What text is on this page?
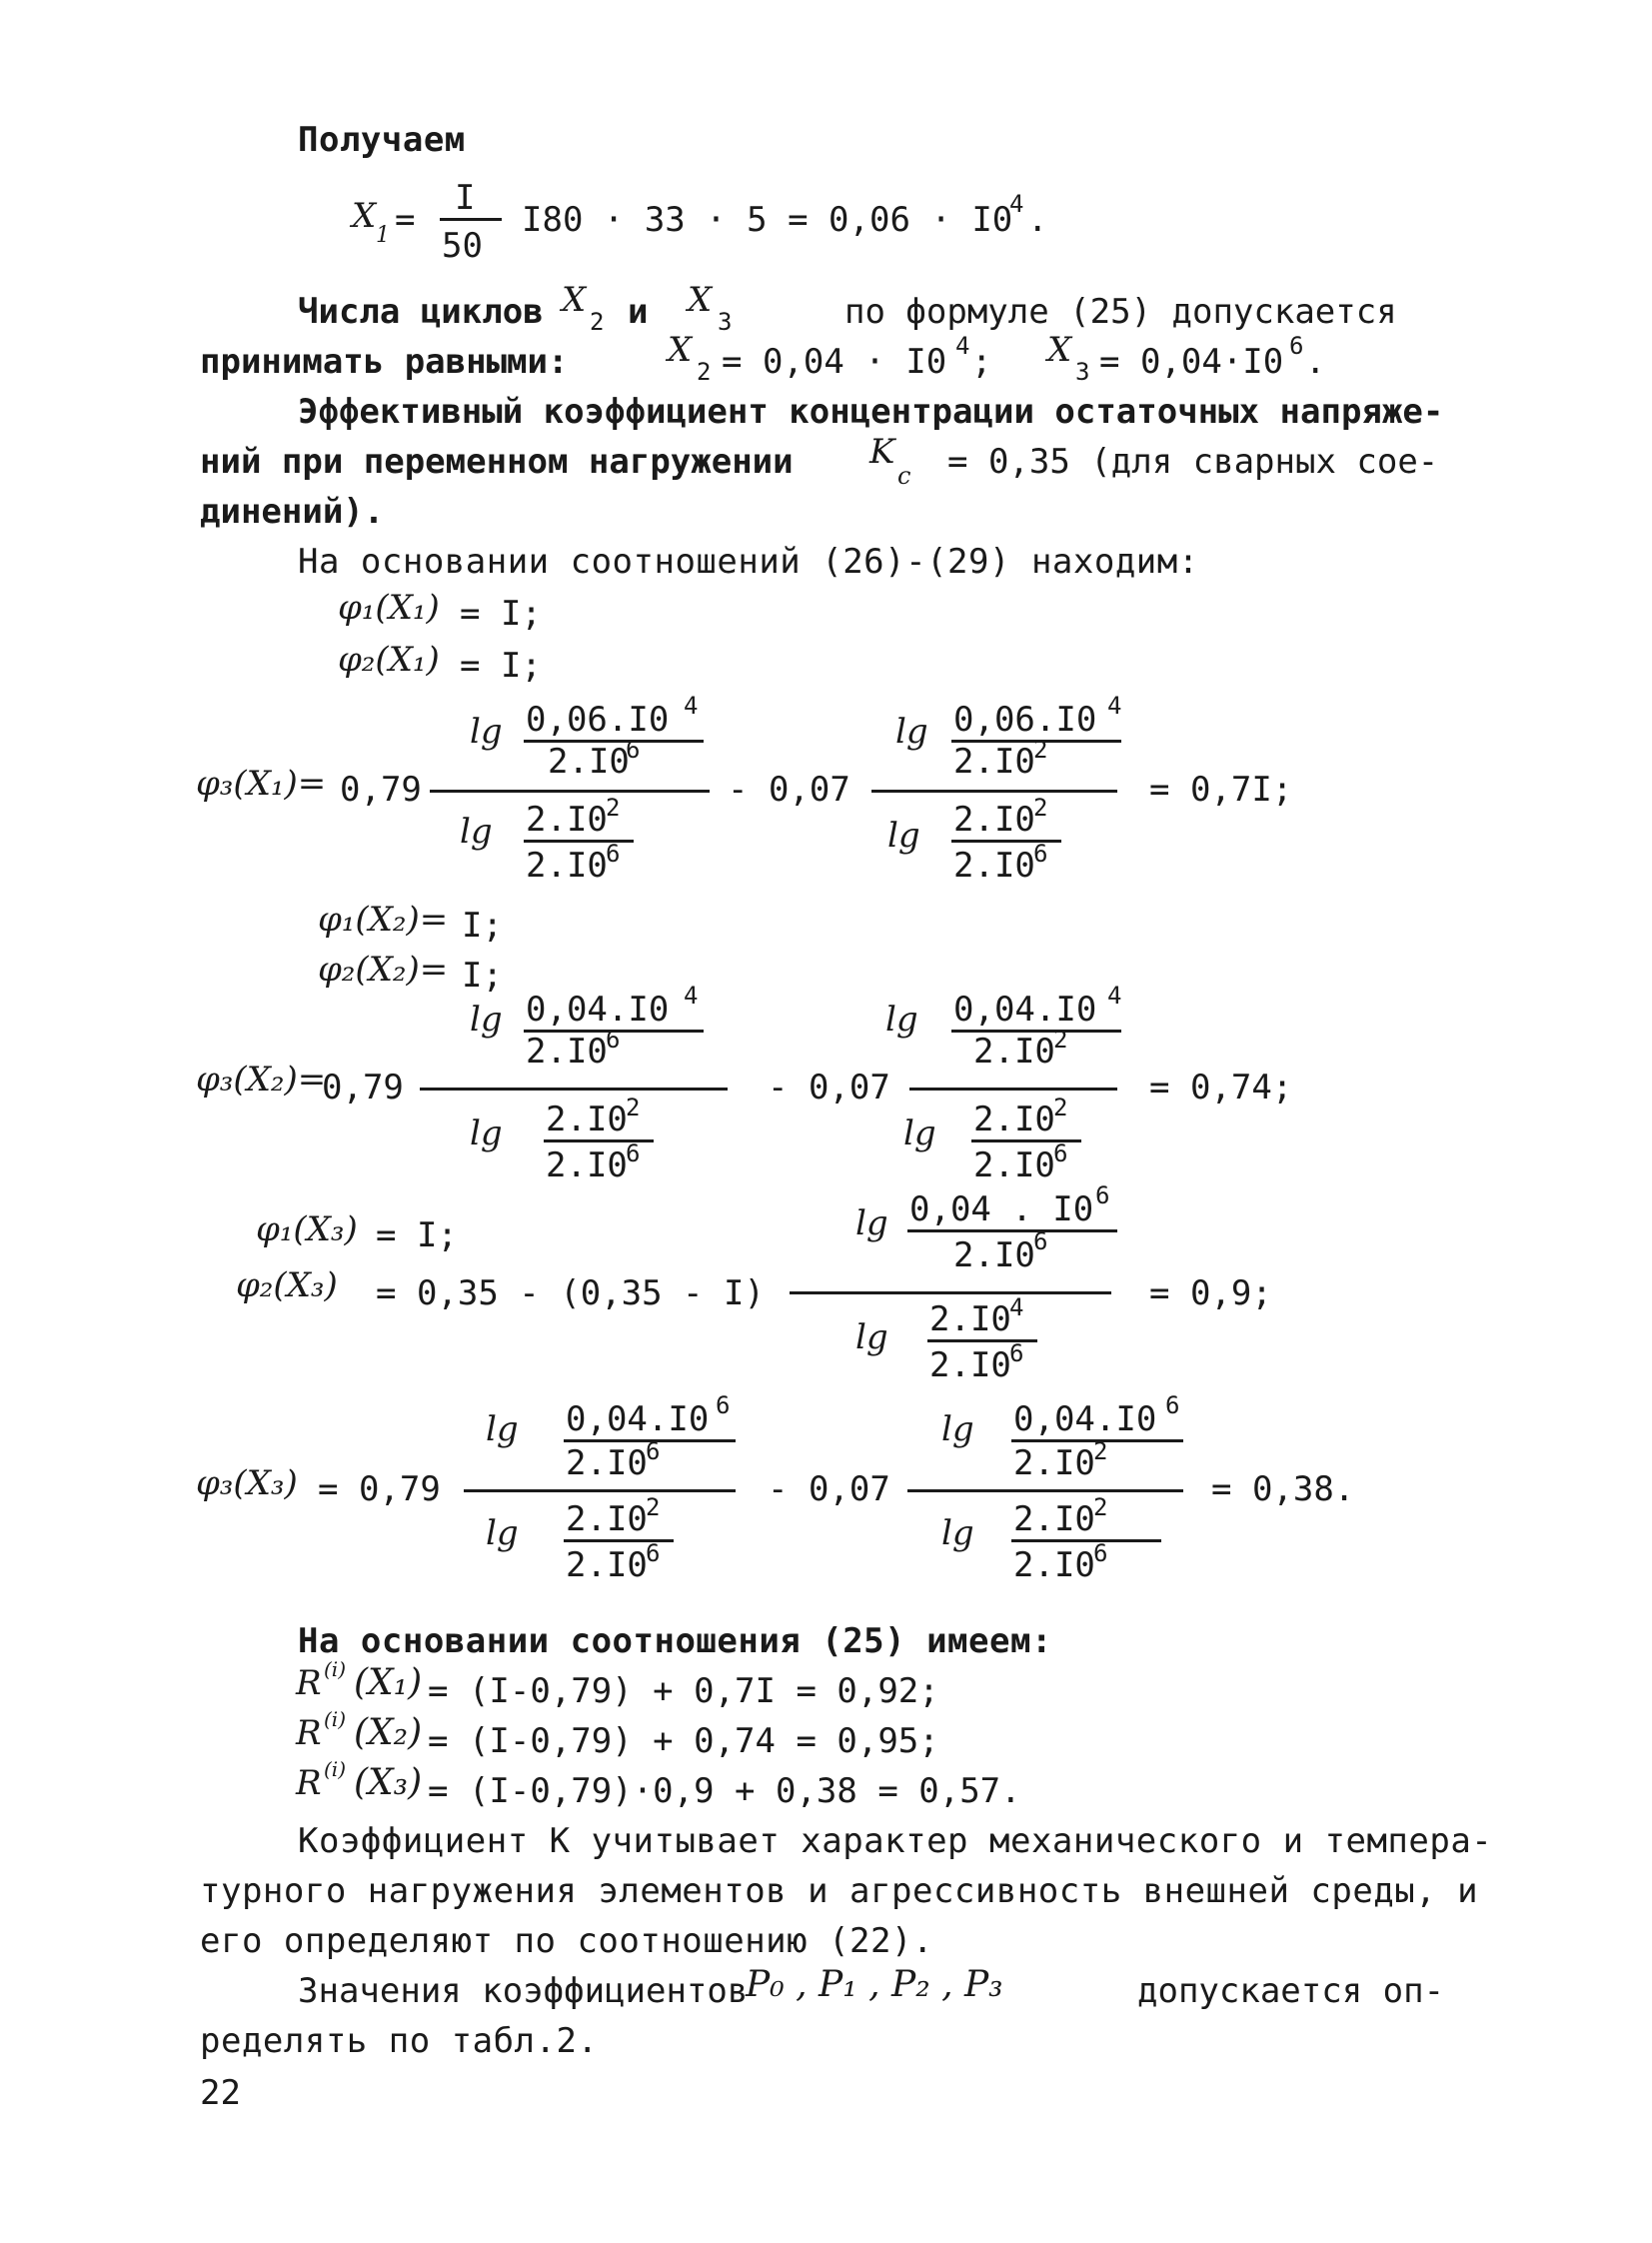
Получаем
X 1 =
I
50
I80 · 33 · 5 = 0,06 · I0
4 .
Числа циклов X
2 и X
3	по формуле (25) допускается
принимать равными:	X
2 = 0,04 · I0 4 ; X
3 = 0,04·I0 6 .
Эффективный коэффициент концентрации остаточных напряже-
ний при переменном нагружении K
c = 0,35 (для сварных сое-
динений).
На основании соотношений (26)-(29) находим:
φ₁(X₁) = I;
φ₂(X₁) = I;
φ₃(X₁)= 0,79
lg 0,06.I0 4
2.I0
6
lg 2.I0
2
2.I0
6
- 0,07
lg 0,06.I0 4
2.I0
2
lg 2.I0
2
2.I0
6
= 0,7I;
φ₁(X₂)= I;
φ₂(X₂)= I;
φ₃(X₂)=
0,79
lg 0,04.I0 4
2.I0
6
lg 2.I0
2
2.I0
6
- 0,07
lg 0,04.I0 4
2.I0
2
lg 2.I0
2
2.I0
6
= 0,74;
φ₁(X₃) = I;
φ₂(X₃) = 0,35 - (0,35 - I)
lg 0,04 . I0 6
2.I0
6
lg 2.I0
4
2.I0
6
= 0,9;
φ₃(X₃) = 0,79
lg 0,04.I0 6
2.I0
6
lg 2.I0
2
2.I0
6
- 0,07
lg 0,04.I0 6
2.I0
2
lg 2.I0
2
2.I0
6
= 0,38.
На основании соотношения (25) имеем:
R (i) (X₁) = (I-0,79) + 0,7I = 0,92;
R (i) (X₂) = (I-0,79) + 0,74 = 0,95;
R (i) (X₃) = (I-0,79)·0,9 + 0,38 = 0,57.
Коэффициент K учитывает характер механического и темпера-
турного нагружения элементов и агрессивность внешней среды, и
его определяют по соотношению (22).
Значения коэффициентов
P₀ , P₁ , P₂ , P₃	допускается оп-
ределять по табл.2.
22
